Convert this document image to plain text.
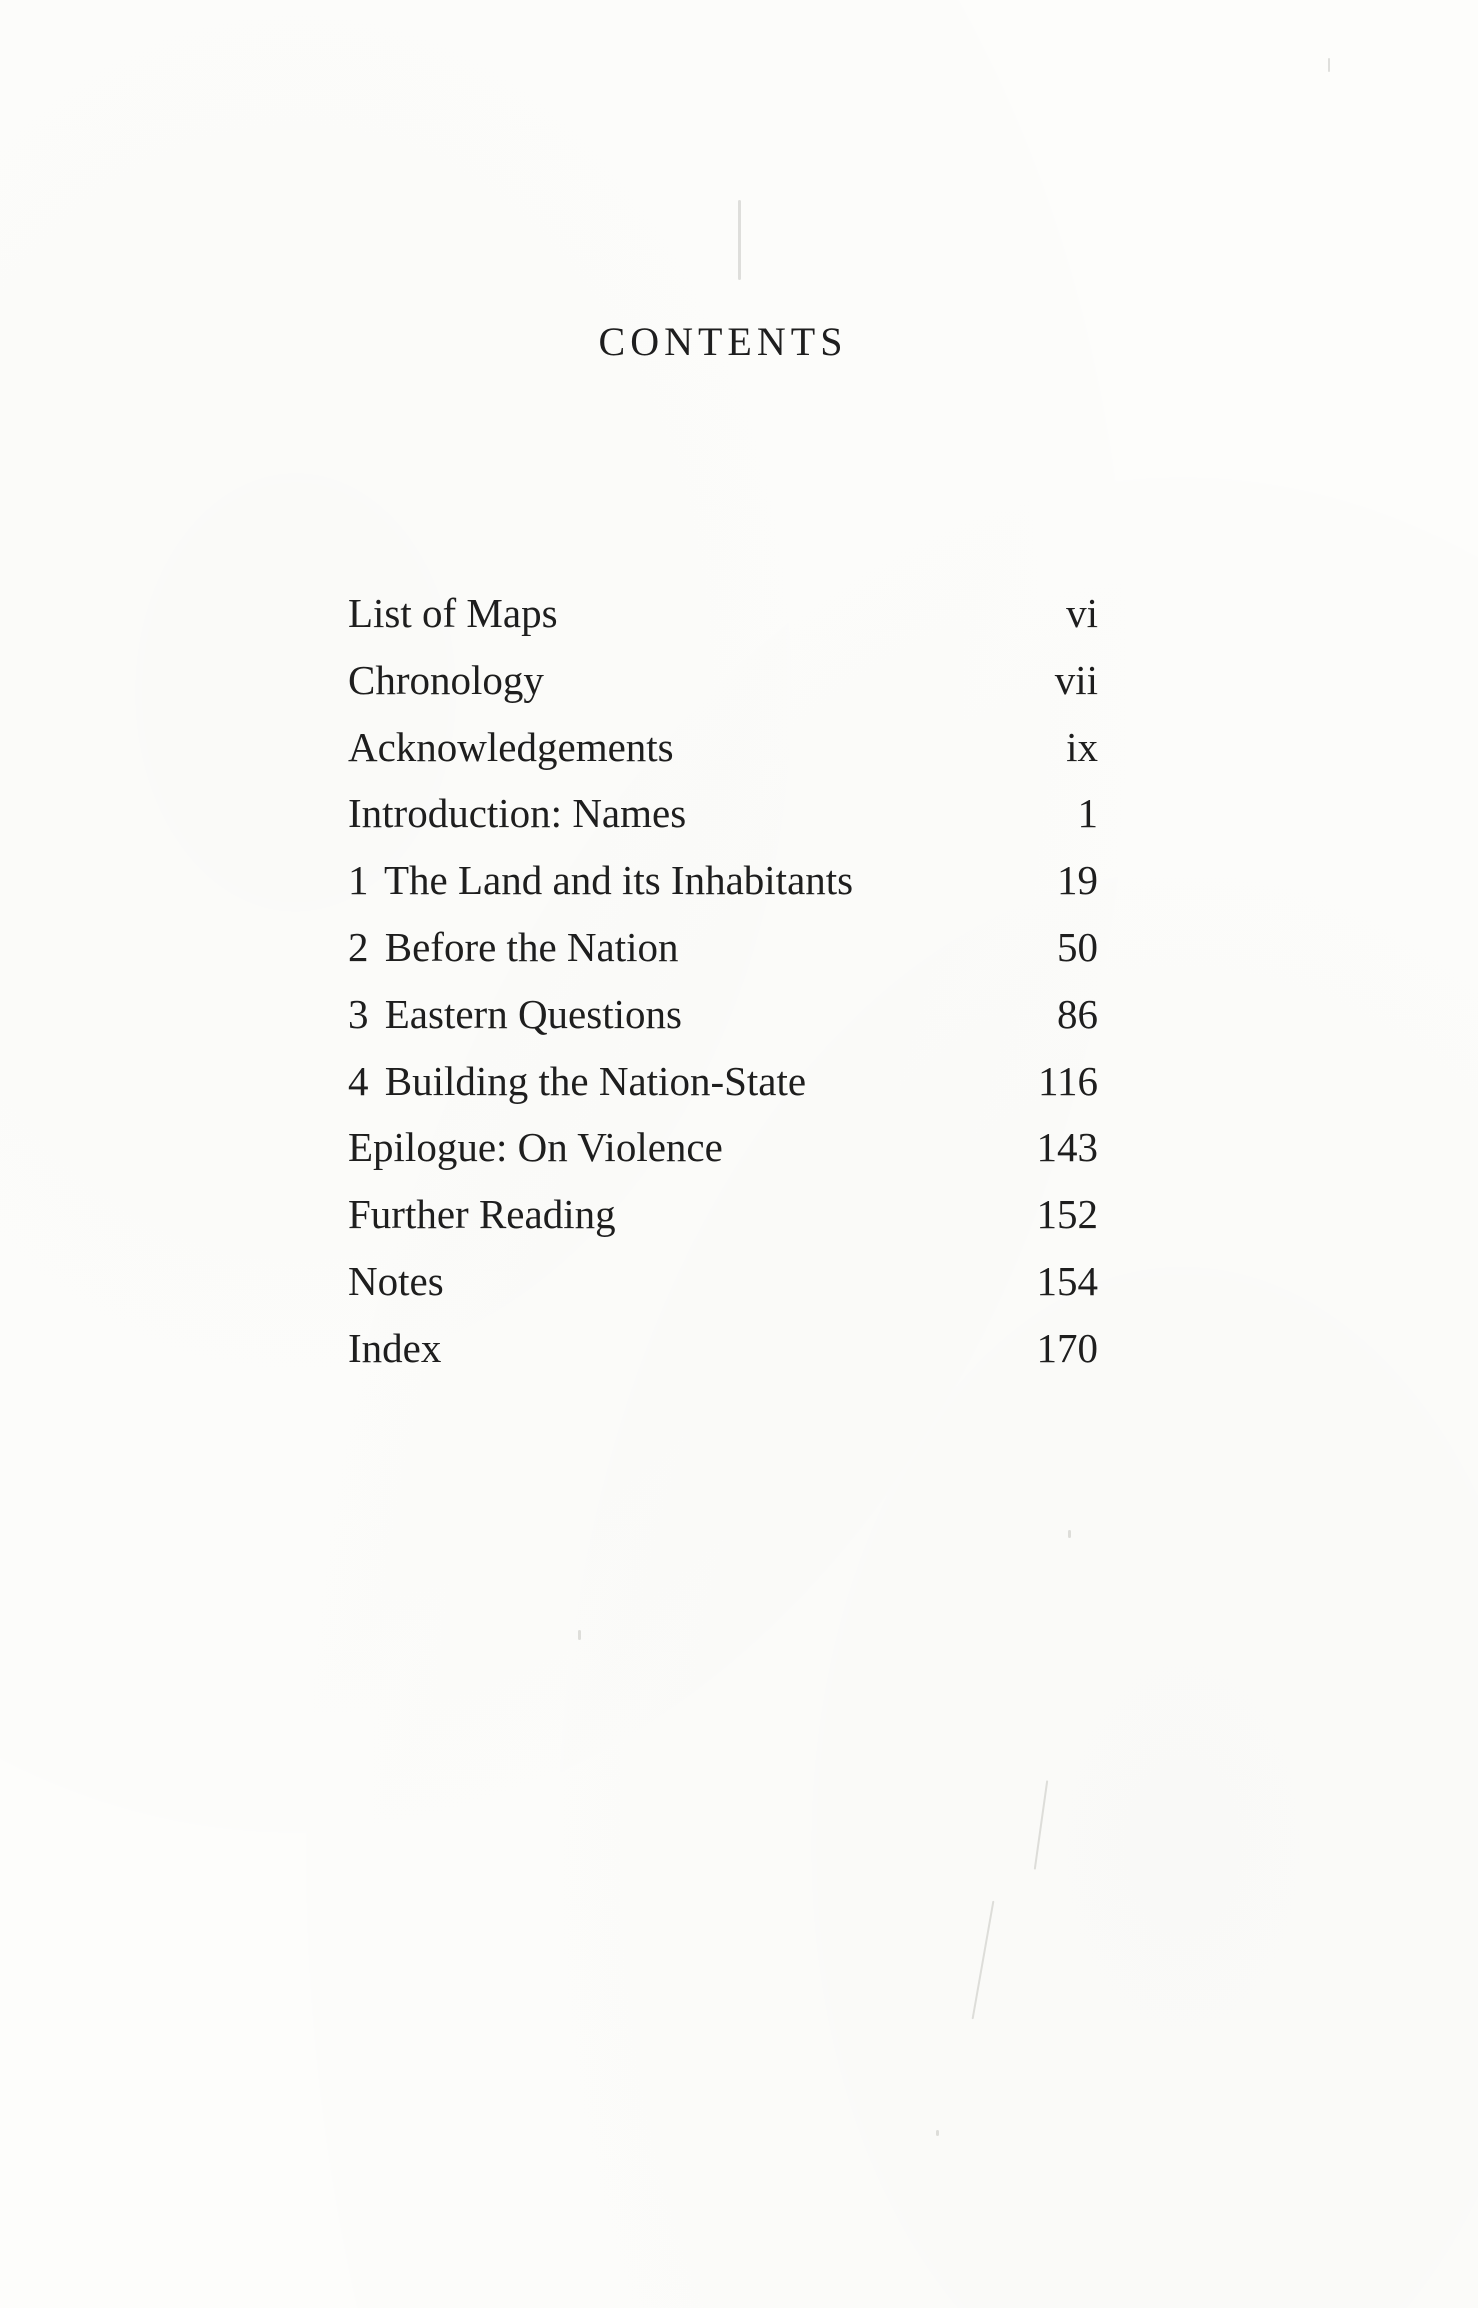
CONTENTS
List of Maps	vi
Chronology	vii
Acknowledgements	ix
Introduction: Names	1
1 The Land and its Inhabitants	19
2 Before the Nation	50
3 Eastern Questions	86
4 Building the Nation-State	116
Epilogue: On Violence	143
Further Reading	152
Notes	154
Index	170
